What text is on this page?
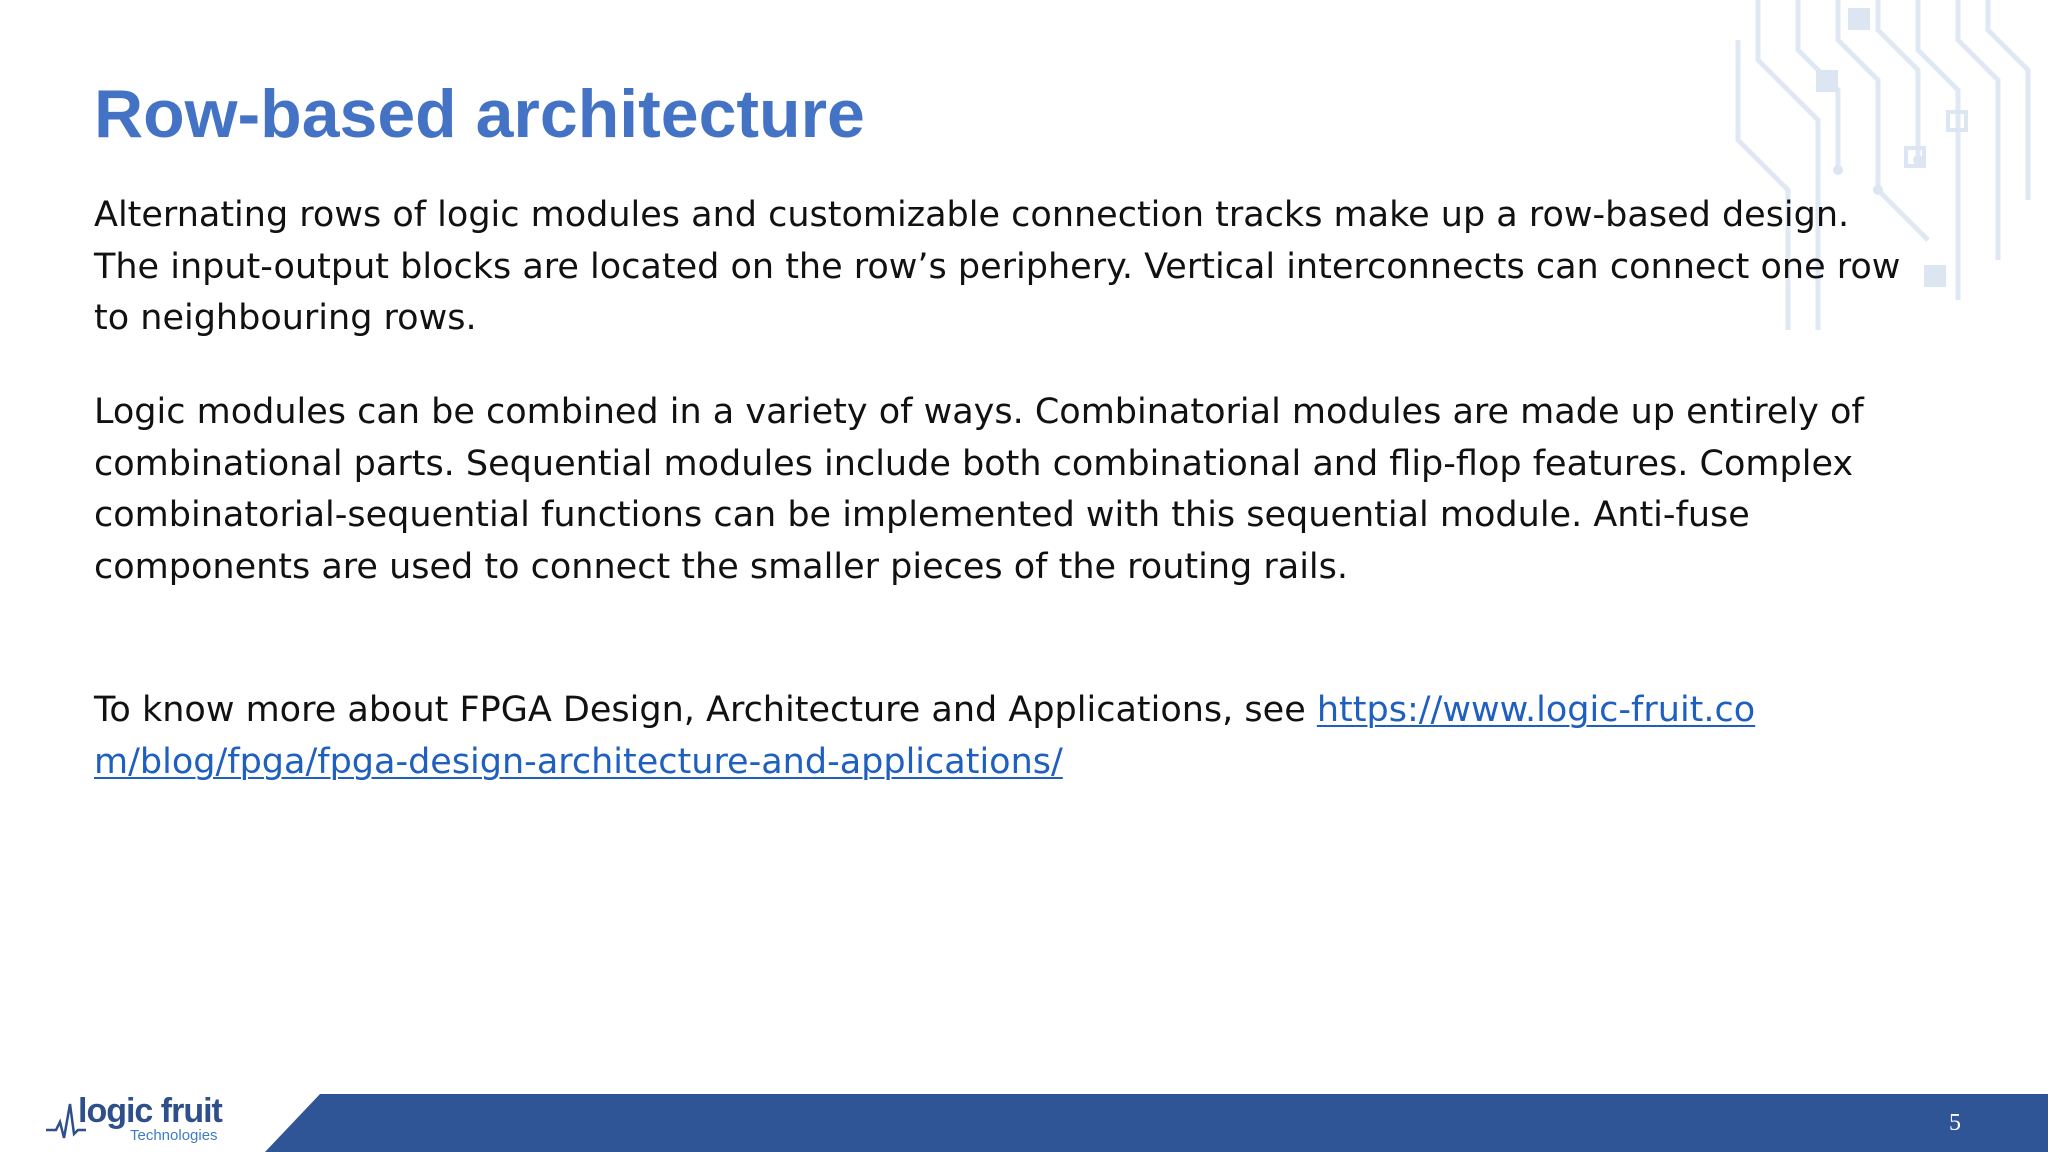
Row-based architecture

Alternating rows of logic modules and customizable connection tracks make up a row-based design. The input-output blocks are located on the row’s periphery. Vertical interconnects can connect one row to neighbouring rows.

Logic modules can be combined in a variety of ways. Combinatorial modules are made up entirely of combinational parts. Sequential modules include both combinational and flip-flop features. Complex combinatorial-sequential functions can be implemented with this sequential module. Anti-fuse components are used to connect the smaller pieces of the routing rails.

To know more about FPGA Design, Architecture and Applications, see https://www.logic-fruit.com/blog/fpga/fpga-design-architecture-and-applications/

logic fruit
Technologies	5
